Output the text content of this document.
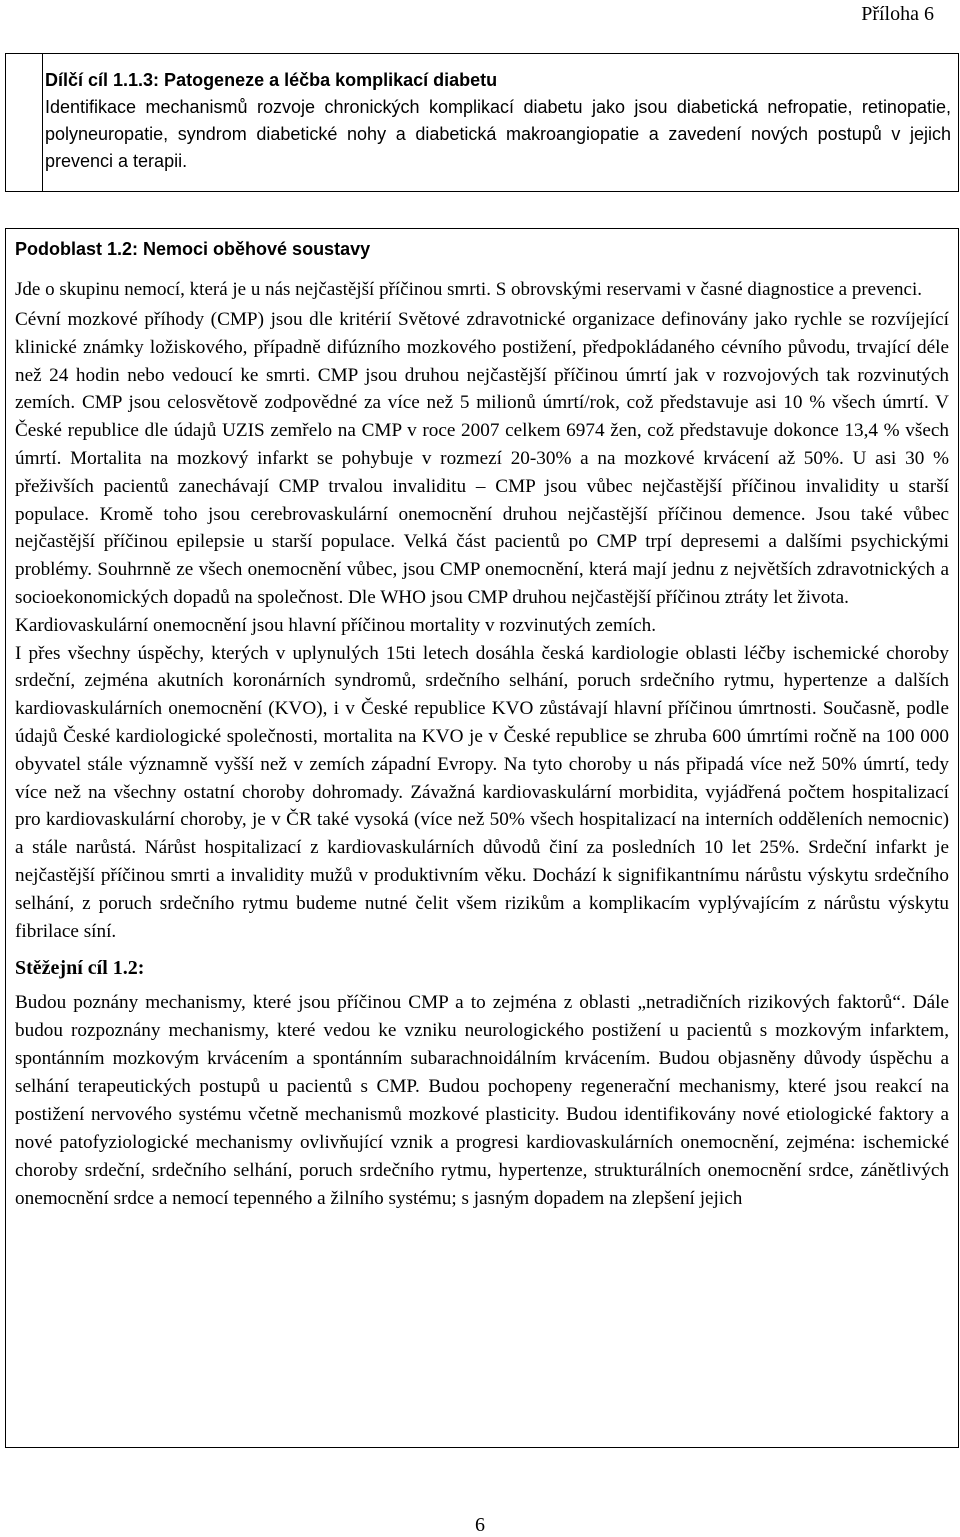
Příloha 6
Dílčí cíl 1.1.3: Patogeneze a léčba komplikací diabetu
Identifikace mechanismů rozvoje chronických komplikací diabetu jako jsou diabetická nefropatie, retinopatie, polyneuropatie, syndrom diabetické nohy a diabetická makroangiopatie a zavedení nových postupů v jejich prevenci a terapii.
Podoblast 1.2: Nemoci oběhové soustavy
Jde o skupinu nemocí, která je u nás nejčastější příčinou smrti. S obrovskými reservami v časné diagnostice a prevenci.
Cévní mozkové příhody (CMP) jsou dle kritérií Světové zdravotnické organizace definovány jako rychle se rozvíjející klinické známky ložiskového, případně difúzního mozkového postižení, předpokládaného cévního původu, trvající déle než 24 hodin nebo vedoucí ke smrti. CMP jsou druhou nejčastější příčinou úmrtí jak v rozvojových tak rozvinutých zemích. CMP jsou celosvětově zodpovědné za více než 5 milionů úmrtí/rok, což představuje asi 10 % všech úmrtí. V České republice dle údajů UZIS zemřelo na CMP v roce 2007 celkem 6974 žen, což představuje dokonce 13,4 % všech úmrtí. Mortalita na mozkový infarkt se pohybuje v rozmezí 20-30% a na mozkové krvácení až 50%. U asi 30 % přeživších pacientů zanechávají CMP trvalou invaliditu – CMP jsou vůbec nejčastější příčinou invalidity u starší populace. Kromě toho jsou cerebrovaskulární onemocnění druhou nejčastější příčinou demence. Jsou také vůbec nejčastější příčinou epilepsie u starší populace. Velká část pacientů po CMP trpí depresemi a dalšími psychickými problémy. Souhrnně ze všech onemocnění vůbec, jsou CMP onemocnění, která mají jednu z největších zdravotnických a socioekonomických dopadů na společnost. Dle WHO jsou CMP druhou nejčastější příčinou ztráty let života.
Kardiovaskulární onemocnění jsou hlavní příčinou mortality v rozvinutých zemích.
I přes všechny úspěchy, kterých v uplynulých 15ti letech dosáhla česká kardiologie oblasti léčby ischemické choroby srdeční, zejména akutních koronárních syndromů, srdečního selhání, poruch srdečního rytmu, hypertenze a dalších kardiovaskulárních onemocnění (KVO), i v České republice KVO zůstávají hlavní příčinou úmrtnosti. Současně, podle údajů České kardiologické společnosti, mortalita na KVO je v České republice se zhruba 600 úmrtími ročně na 100 000 obyvatel stále významně vyšší než v zemích západní Evropy. Na tyto choroby u nás připadá více než 50% úmrtí, tedy více než na všechny ostatní choroby dohromady. Závažná kardiovaskulární morbidita, vyjádřená počtem hospitalizací pro kardiovaskulární choroby, je v ČR také vysoká (více než 50% všech hospitalizací na interních odděleních nemocnic) a stále narůstá. Nárůst hospitalizací z kardiovaskulárních důvodů činí za posledních 10 let 25%. Srdeční infarkt je nejčastější příčinou smrti a invalidity mužů v produktivním věku. Dochází k signifikantnímu nárůstu výskytu srdečního selhání, z poruch srdečního rytmu budeme nutné čelit všem rizikům a komplikacím vyplývajícím z nárůstu výskytu fibrilace síní.
Stěžejní cíl 1.2:
Budou poznány mechanismy, které jsou příčinou CMP a to zejména z oblasti „netradičních rizikových faktorů“. Dále budou rozpoznány mechanismy, které vedou ke vzniku neurologického postižení u pacientů s mozkovým infarktem, spontánním mozkovým krvácením a spontánním subarachnoidálním krvácením. Budou objasněny důvody úspěchu a selhání terapeutických postupů u pacientů s CMP. Budou pochopeny regenerační mechanismy, které jsou reakcí na postižení nervového systému včetně mechanismů mozkové plasticity. Budou identifikovány nové etiologické faktory a nové patofyziologické mechanismy ovlivňující vznik a progresi kardiovaskulárních onemocnění, zejména: ischemické choroby srdeční, srdečního selhání, poruch srdečního rytmu, hypertenze, strukturálních onemocnění srdce, zánětlivých onemocnění srdce a nemocí tepenného a žilního systému; s jasným dopadem na zlepšení jejich
6
